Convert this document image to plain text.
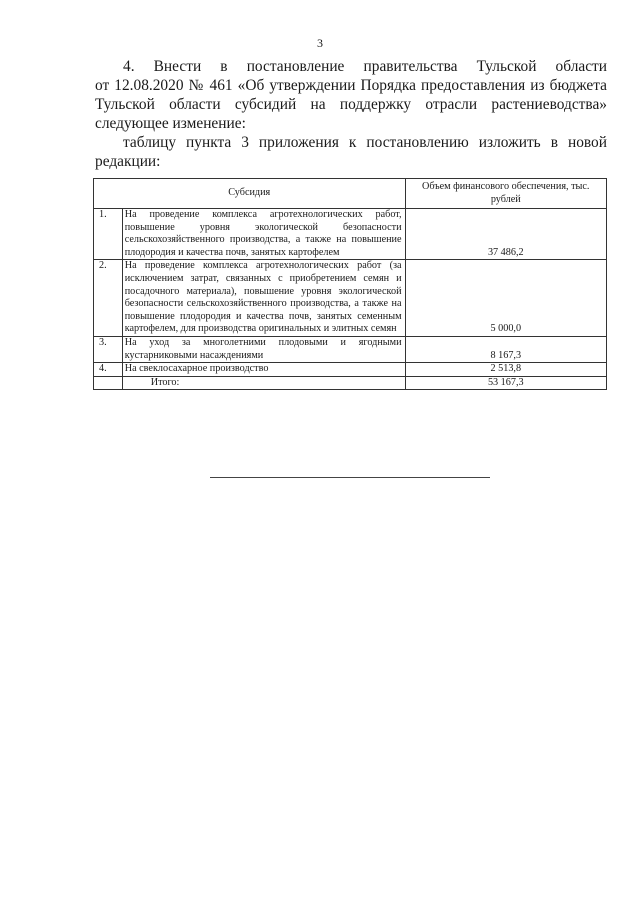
3

4. Внести в постановление правительства Тульской области
от 12.08.2020 № 461 «Об утверждении Порядка предоставления из бюджета
Тульской области субсидий на поддержку отрасли растениеводства»
следующее изменение:

таблицу пункта 3 приложения к постановлению изложить в новой
редакции:

Субсидия		Объем финансового обеспечения, тыс. рублей
1.	На проведение комплекса агротехнологических работ, повышение уровня экологической безопасности сельскохозяйственного производства, а также на повышение плодородия и качества почв, занятых картофелем	37 486,2
2.	На проведение комплекса агротехнологических работ (за исключением затрат, связанных с приобретением семян и посадочного материала), повышение уровня экологической безопасности сельскохозяйственного производства, а также на повышение плодородия и качества почв, занятых семенным картофелем, для производства оригинальных и элитных семян	5 000,0
3.	На уход за многолетними плодовыми и ягодными кустарниковыми насаждениями	8 167,3
4.	На свеклосахарное производство	2 513,8
	Итого:	53 167,3
